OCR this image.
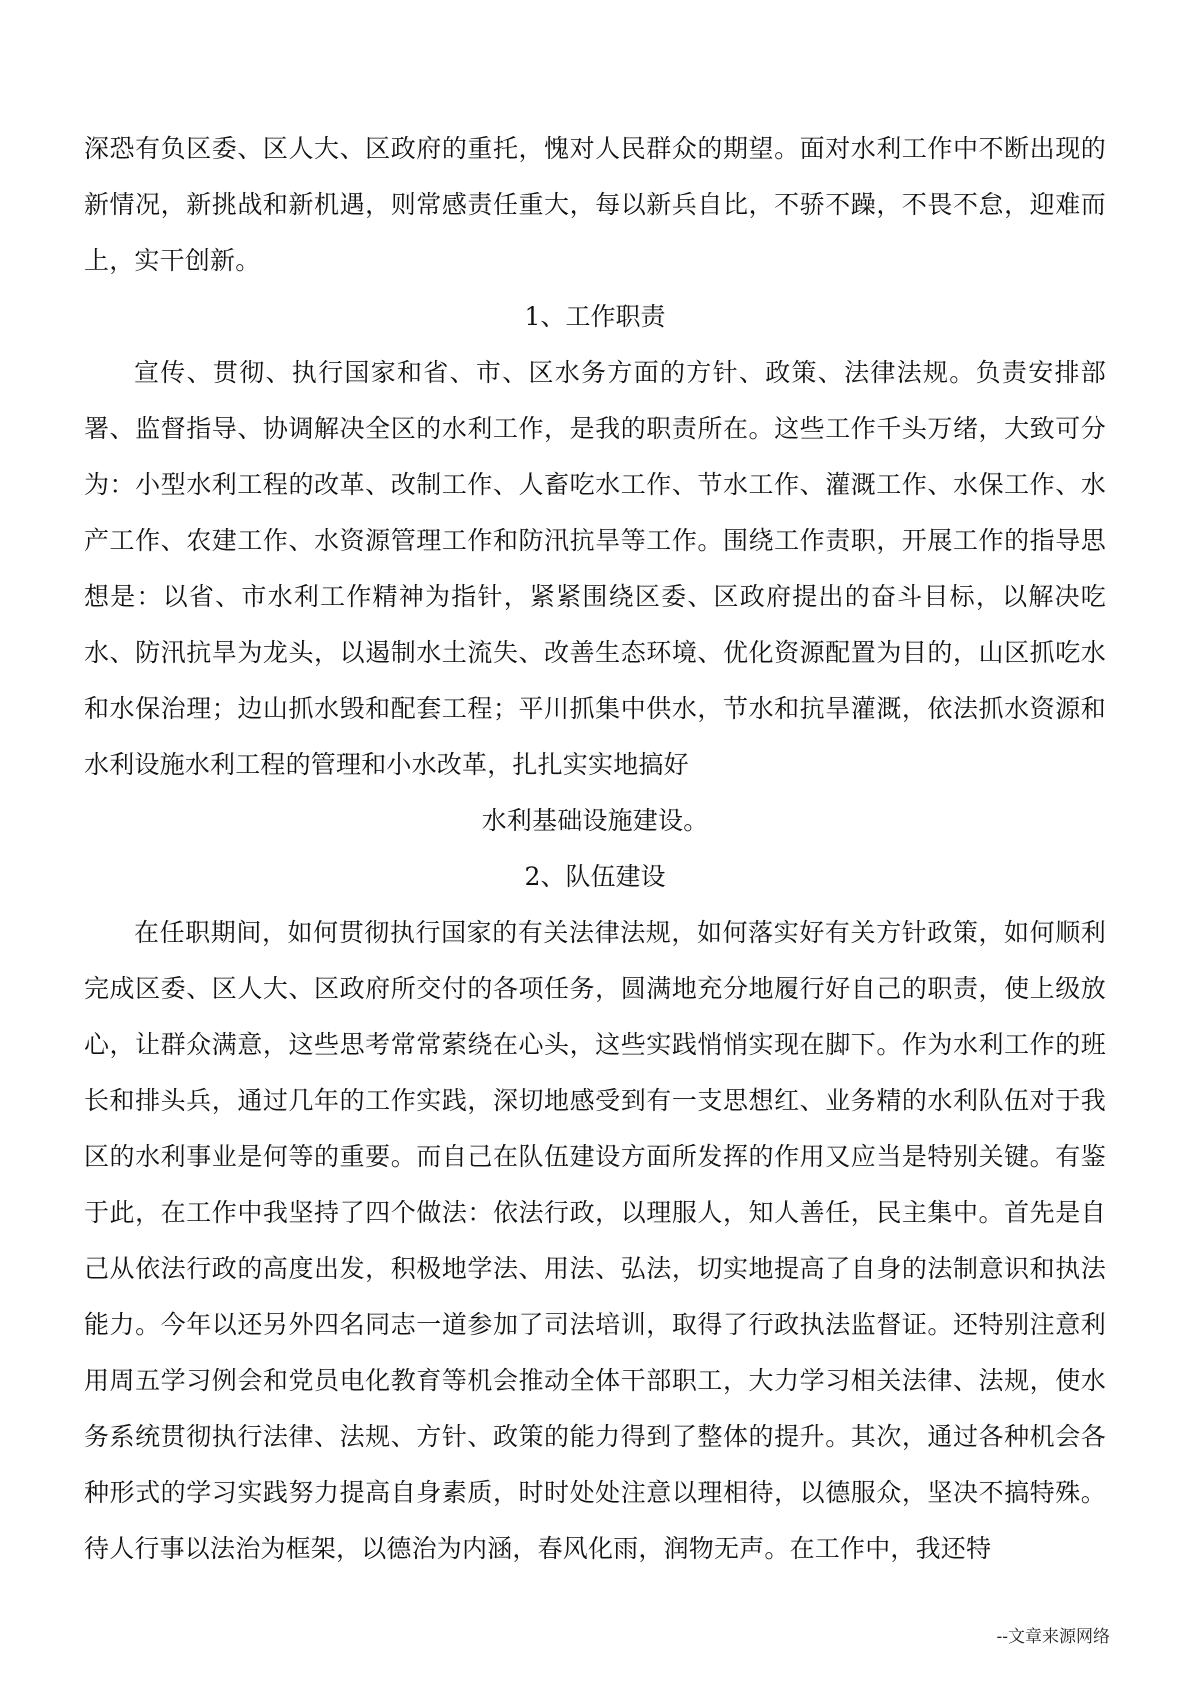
深恐有负区委、区人大、区政府的重托，愧对人民群众的期望。面对水利工作中不断出现的新情况，新挑战和新机遇，则常感责任重大，每以新兵自比，不骄不躁，不畏不怠，迎难而上，实干创新。

1、工作职责

宣传、贯彻、执行国家和省、市、区水务方面的方针、政策、法律法规。负责安排部署、监督指导、协调解决全区的水利工作，是我的职责所在。这些工作千头万绪，大致可分为：小型水利工程的改革、改制工作、人畜吃水工作、节水工作、灌溉工作、水保工作、水产工作、农建工作、水资源管理工作和防汛抗旱等工作。围绕工作责职，开展工作的指导思想是：以省、市水利工作精神为指针，紧紧围绕区委、区政府提出的奋斗目标，以解决吃水、防汛抗旱为龙头，以遏制水土流失、改善生态环境、优化资源配置为目的，山区抓吃水和水保治理；边山抓水毁和配套工程；平川抓集中供水，节水和抗旱灌溉，依法抓水资源和水利设施水利工程的管理和小水改革，扎扎实实地搞好

水利基础设施建设。

2、队伍建设

在任职期间，如何贯彻执行国家的有关法律法规，如何落实好有关方针政策，如何顺利完成区委、区人大、区政府所交付的各项任务，圆满地充分地履行好自己的职责，使上级放心，让群众满意，这些思考常常萦绕在心头，这些实践悄悄实现在脚下。作为水利工作的班长和排头兵，通过几年的工作实践，深切地感受到有一支思想红、业务精的水利队伍对于我区的水利事业是何等的重要。而自己在队伍建设方面所发挥的作用又应当是特别关键。有鉴于此，在工作中我坚持了四个做法：依法行政，以理服人，知人善任，民主集中。首先是自己从依法行政的高度出发，积极地学法、用法、弘法，切实地提高了自身的法制意识和执法能力。今年以还另外四名同志一道参加了司法培训，取得了行政执法监督证。还特别注意利用周五学习例会和党员电化教育等机会推动全体干部职工，大力学习相关法律、法规，使水务系统贯彻执行法律、法规、方针、政策的能力得到了整体的提升。其次，通过各种机会各种形式的学习实践努力提高自身素质，时时处处注意以理相待，以德服众，坚决不搞特殊。待人行事以法治为框架，以德治为内涵，春风化雨，润物无声。在工作中，我还特

--文章来源网络
